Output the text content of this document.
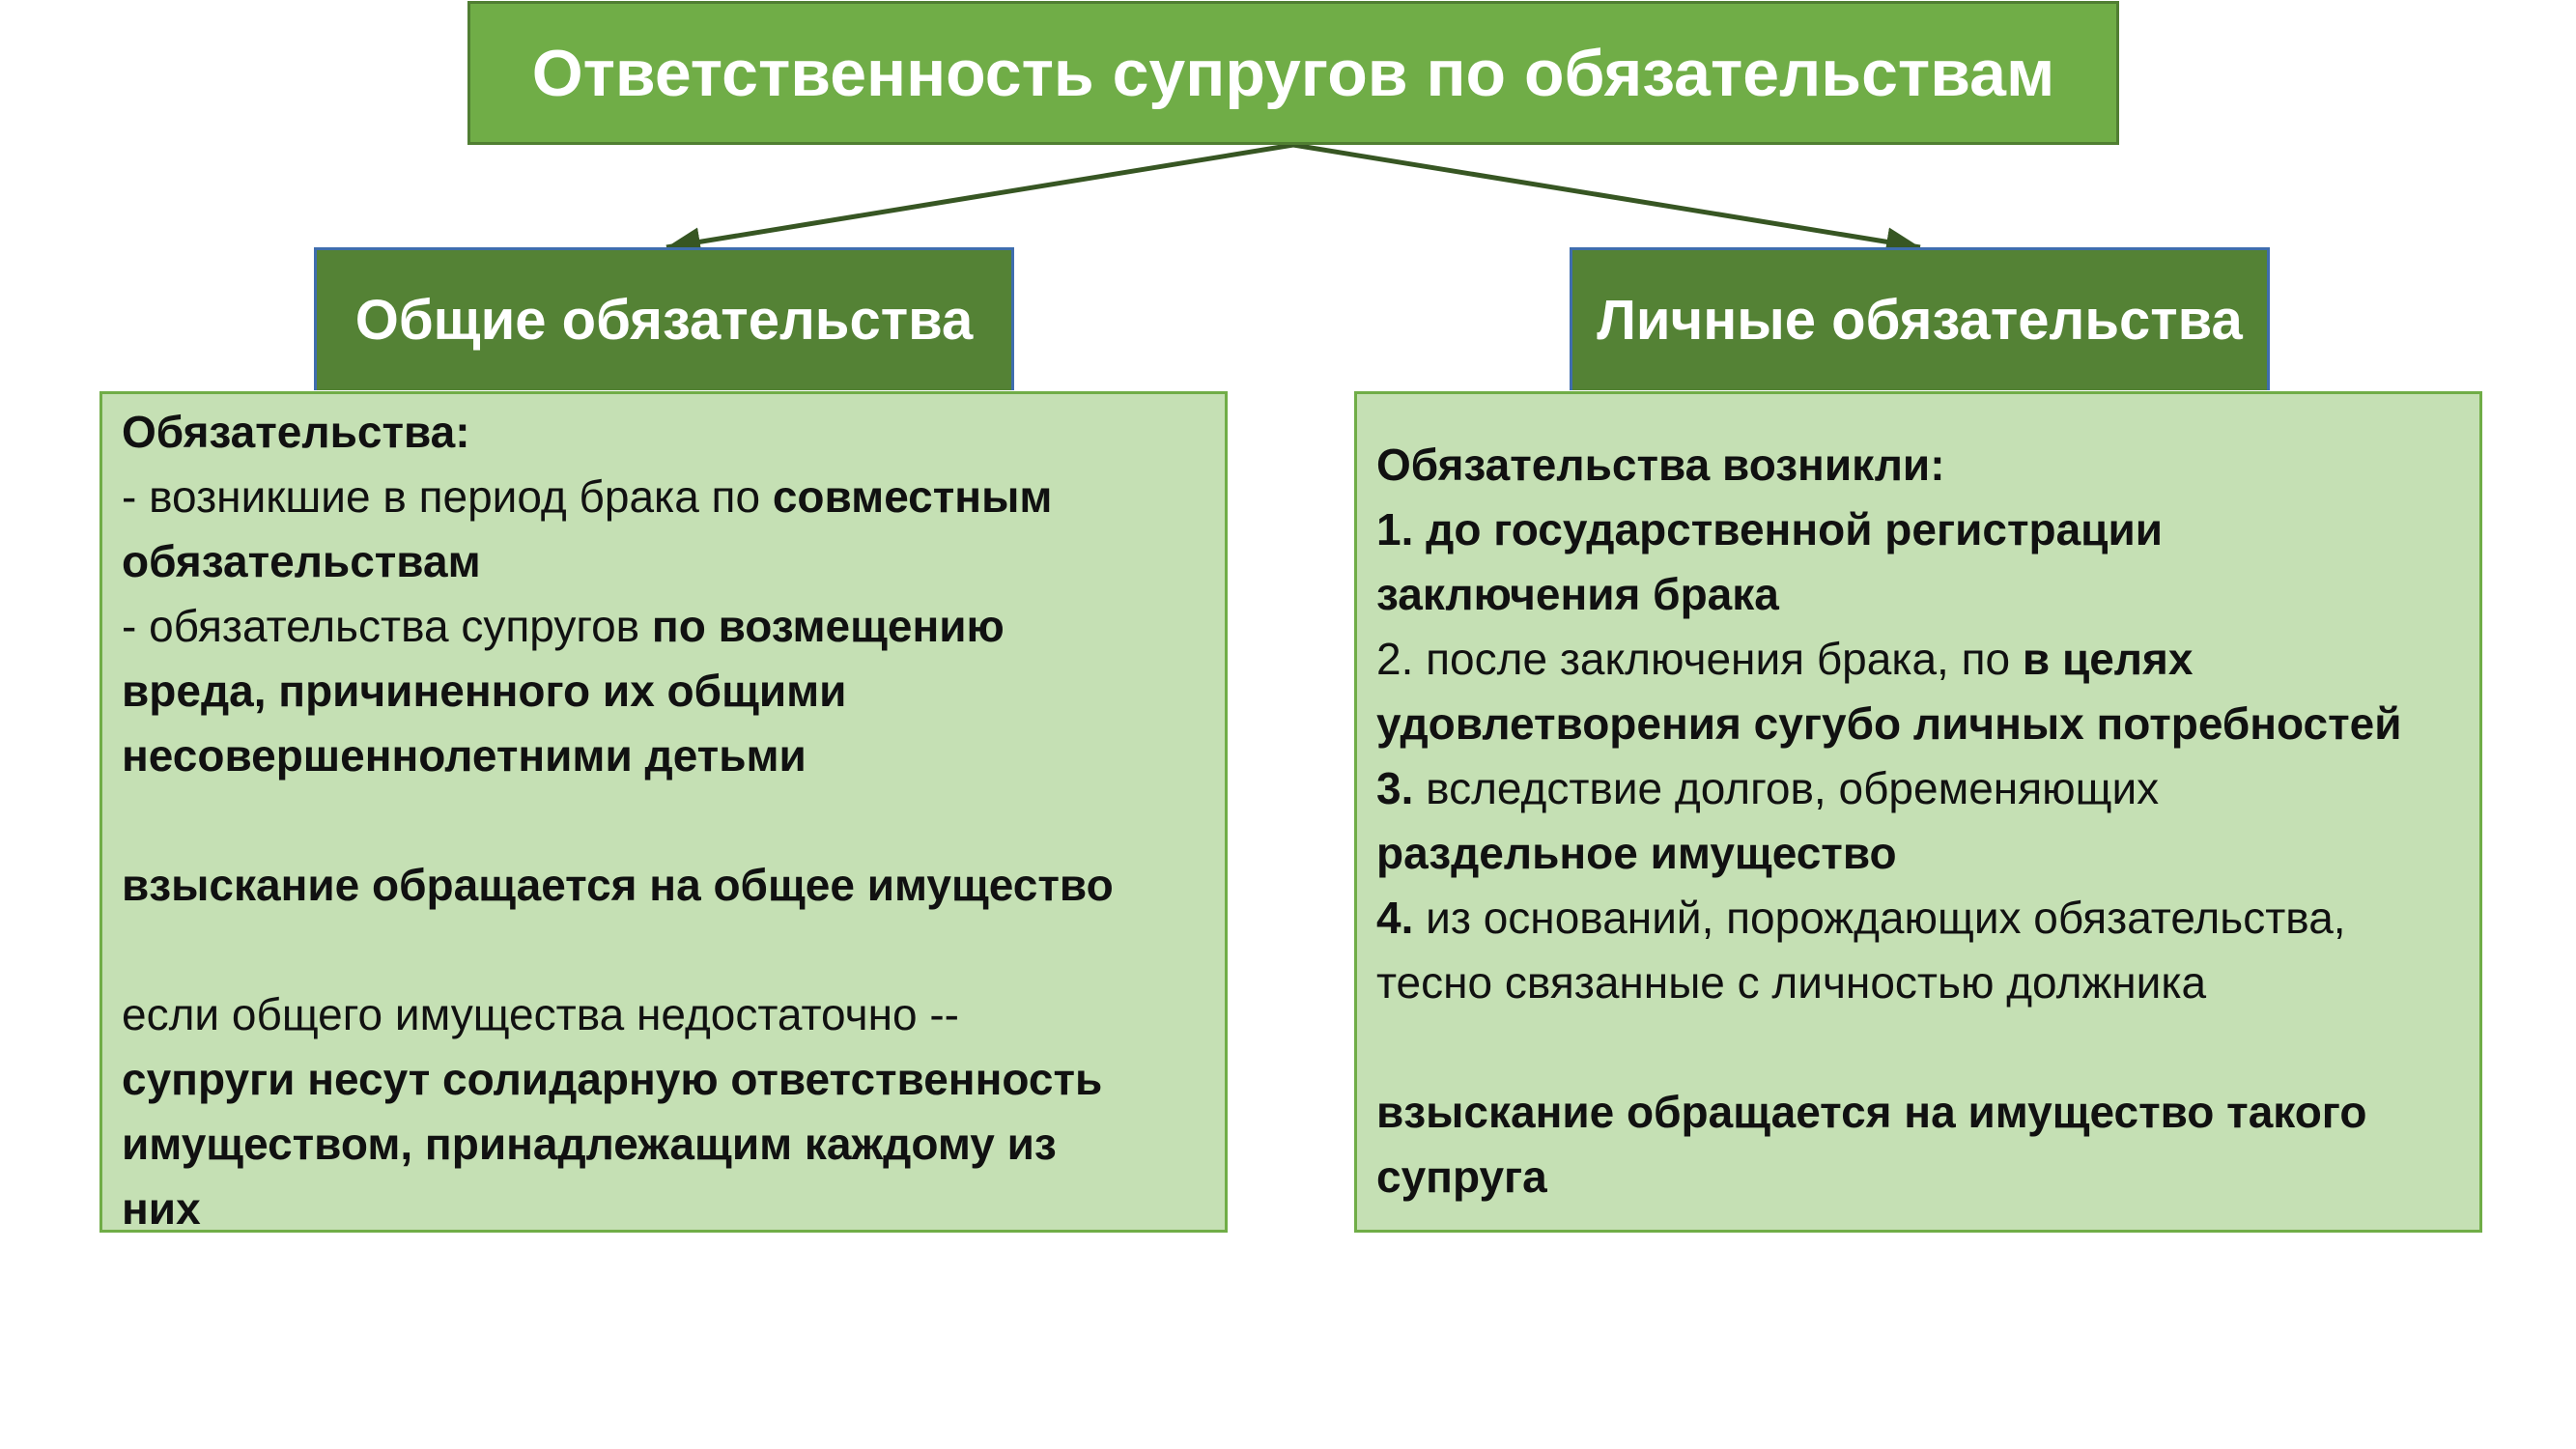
Ответственность супругов по обязательствам
Общие обязательства	Личные обязательства
Обязательства:
- возникшие в период брака по совместным
обязательствам
- обязательства супругов по возмещению
вреда, причиненного их общими
несовершеннолетними детьми
взыскание обращается на общее имущество
если общего имущества недостаточно --
супруги несут солидарную ответственность
имуществом, принадлежащим каждому из
них
Обязательства возникли:
1. до государственной регистрации
заключения брака
2. после заключения брака, по в целях
удовлетворения сугубо личных потребностей
3. вследствие долгов, обременяющих
раздельное имущество
4. из оснований, порождающих обязательства,
тесно связанные с личностью должника
взыскание обращается на имущество такого
супруга
